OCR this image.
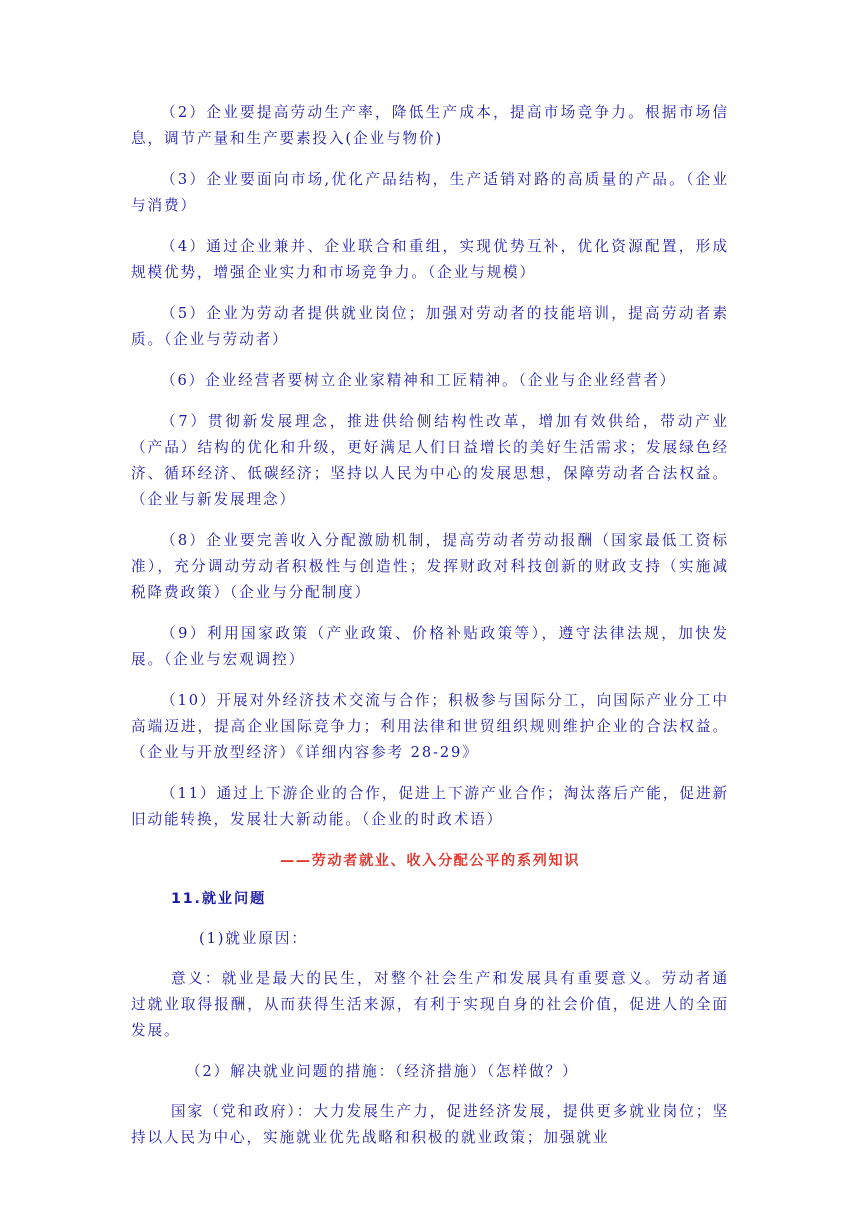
（2）企业要提高劳动生产率，降低生产成本，提高市场竞争力。根据市场信息，调节产量和生产要素投入(企业与物价)

（3）企业要面向市场,优化产品结构，生产适销对路的高质量的产品。（企业与消费）

（4）通过企业兼并、企业联合和重组，实现优势互补，优化资源配置，形成规模优势，增强企业实力和市场竞争力。（企业与规模）

（5）企业为劳动者提供就业岗位；加强对劳动者的技能培训，提高劳动者素质。（企业与劳动者）

（6）企业经营者要树立企业家精神和工匠精神。（企业与企业经营者）

（7）贯彻新发展理念，推进供给侧结构性改革，增加有效供给，带动产业（产品）结构的优化和升级，更好满足人们日益增长的美好生活需求；发展绿色经济、循环经济、低碳经济；坚持以人民为中心的发展思想，保障劳动者合法权益。（企业与新发展理念）

（8）企业要完善收入分配激励机制，提高劳动者劳动报酬（国家最低工资标准），充分调动劳动者积极性与创造性；发挥财政对科技创新的财政支持（实施减税降费政策）（企业与分配制度）

（9）利用国家政策（产业政策、价格补贴政策等），遵守法律法规，加快发展。（企业与宏观调控）

（10）开展对外经济技术交流与合作；积极参与国际分工，向国际产业分工中高端迈进，提高企业国际竞争力；利用法律和世贸组织规则维护企业的合法权益。（企业与开放型经济）《详细内容参考 28-29》

（11）通过上下游企业的合作，促进上下游产业合作；淘汰落后产能，促进新旧动能转换，发展壮大新动能。（企业的时政术语）

——劳动者就业、收入分配公平的系列知识
11.就业问题

(1)就业原因：

意义：就业是最大的民生，对整个社会生产和发展具有重要意义。劳动者通过就业取得报酬，从而获得生活来源，有利于实现自身的社会价值，促进人的全面发展。

（2）解决就业问题的措施：（经济措施）（怎样做？）

国家（党和政府）：大力发展生产力，促进经济发展，提供更多就业岗位；坚持以人民为中心，实施就业优先战略和积极的就业政策；加强就业
